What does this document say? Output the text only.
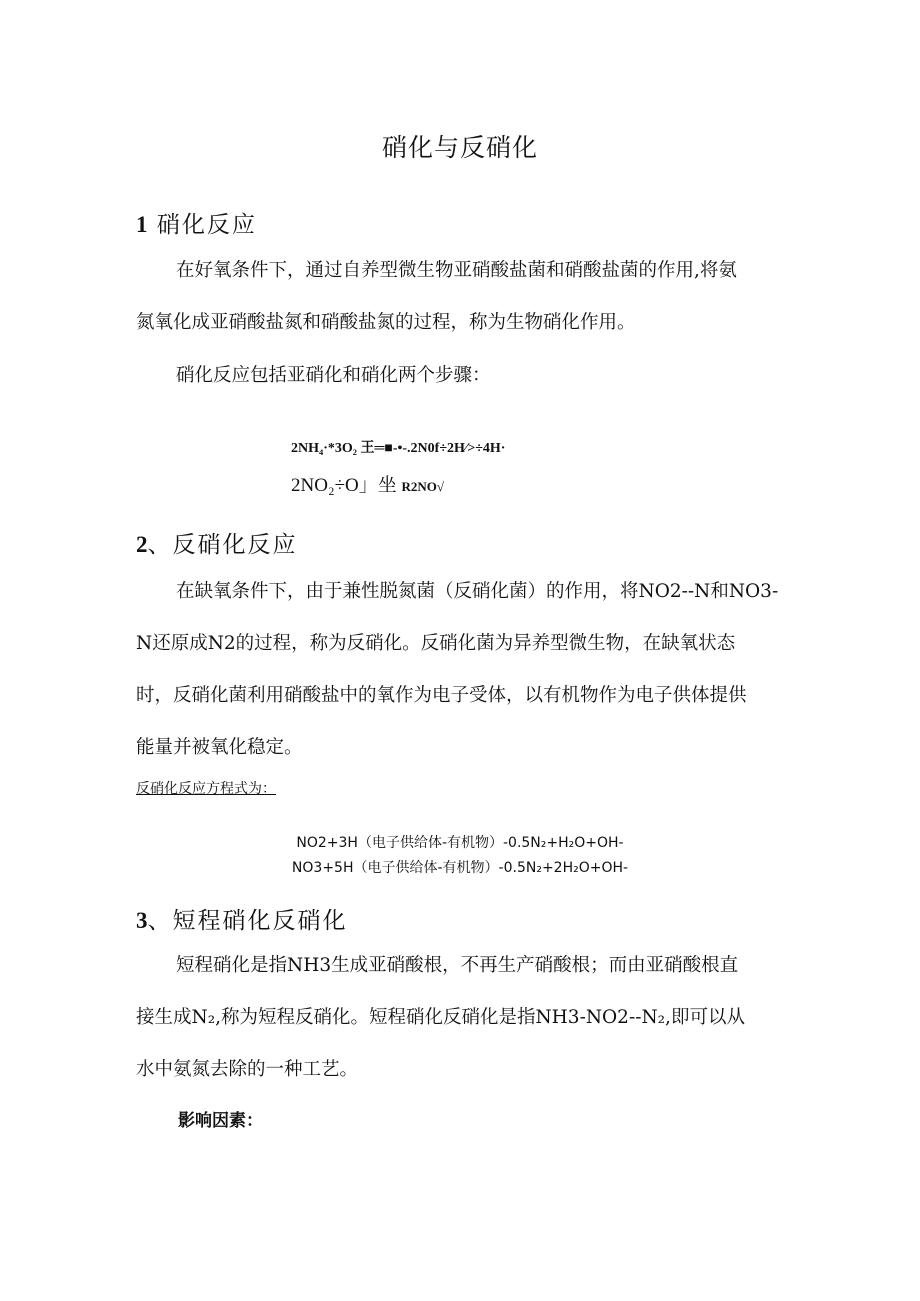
硝化与反硝化
1 硝化反应
在好氧条件下，通过自养型微生物亚硝酸盐菌和硝酸盐菌的作用,将氨
氮氧化成亚硝酸盐氮和硝酸盐氮的过程，称为生物硝化作用。
硝化反应包括亚硝化和硝化两个步骤：
2NH₄·*3O₂ 王═■-•-.2N0f÷2H∕>÷4H·
2NO₂÷O」坐 R2NO√
2、反硝化反应
在缺氧条件下，由于兼性脱氮菌（反硝化菌）的作用，将NO2--N和NO3-
N还原成N2的过程，称为反硝化。反硝化菌为异养型微生物，在缺氧状态
时，反硝化菌利用硝酸盐中的氧作为电子受体，以有机物作为电子供体提供
能量并被氧化稳定。
反硝化反应方程式为：
NO2+3H（电子供给体-有机物）-0.5N₂+H₂O+OH-
NO3+5H（电子供给体-有机物）-0.5N₂+2H₂O+OH-
3、短程硝化反硝化
短程硝化是指NH3生成亚硝酸根，不再生产硝酸根；而由亚硝酸根直
接生成N₂,称为短程反硝化。短程硝化反硝化是指NH3-NO2--N₂,即可以从
水中氨氮去除的一种工艺。
影响因素：
